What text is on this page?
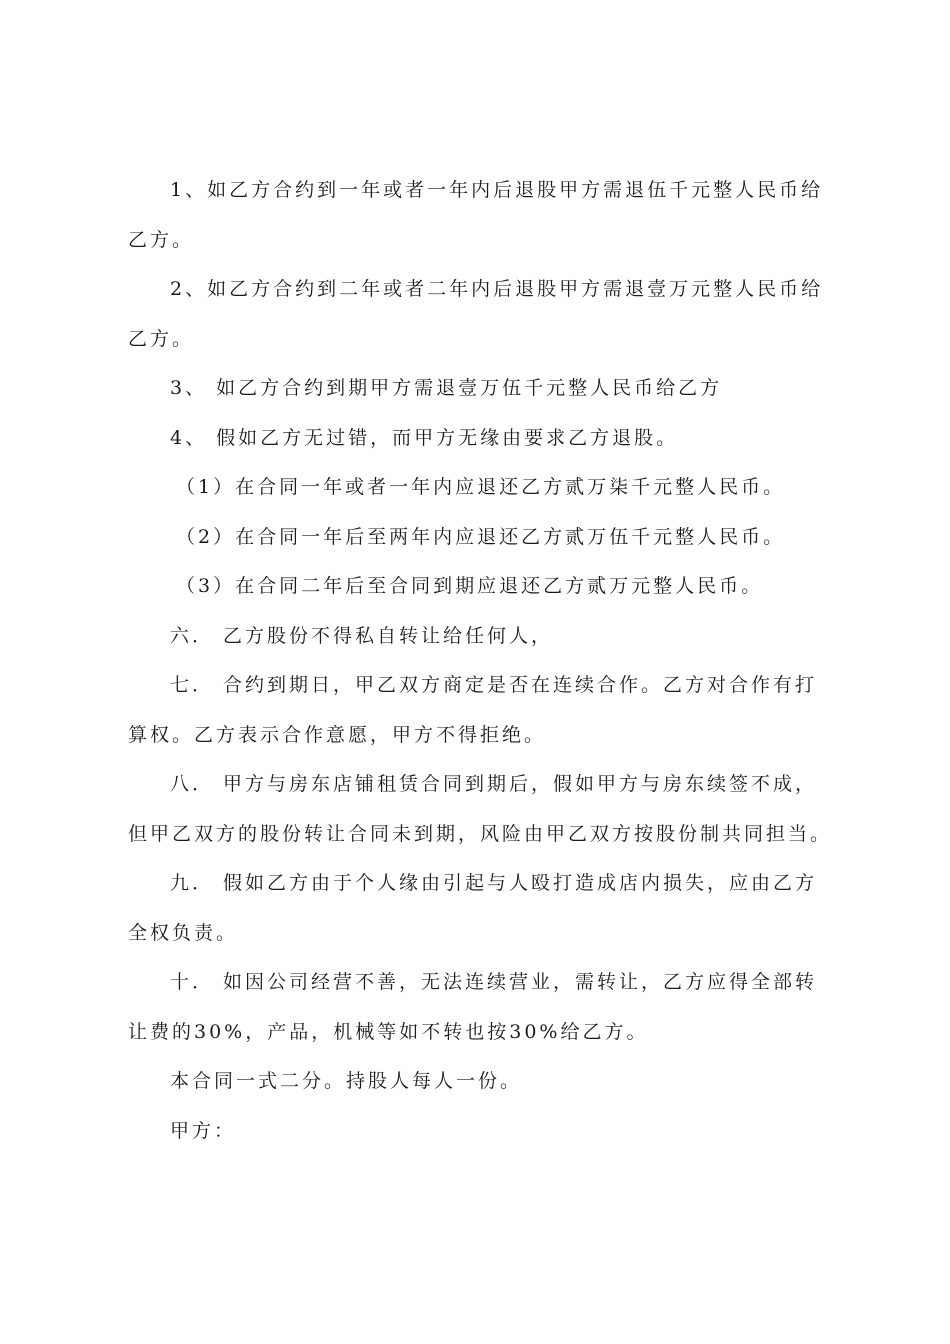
1、如乙方合约到一年或者一年内后退股甲方需退伍千元整人民币给乙方。

2、如乙方合约到二年或者二年内后退股甲方需退壹万元整人民币给乙方。

3、 如乙方合约到期甲方需退壹万伍千元整人民币给乙方

4、 假如乙方无过错，而甲方无缘由要求乙方退股。

（1）在合同一年或者一年内应退还乙方贰万柒千元整人民币。

（2）在合同一年后至两年内应退还乙方贰万伍千元整人民币。

（3）在合同二年后至合同到期应退还乙方贰万元整人民币。

六． 乙方股份不得私自转让给任何人，

七． 合约到期日，甲乙双方商定是否在连续合作。乙方对合作有打算权。乙方表示合作意愿，甲方不得拒绝。

八． 甲方与房东店铺租赁合同到期后，假如甲方与房东续签不成，但甲乙双方的股份转让合同未到期，风险由甲乙双方按股份制共同担当。

九． 假如乙方由于个人缘由引起与人殴打造成店内损失，应由乙方全权负责。

十． 如因公司经营不善，无法连续营业，需转让，乙方应得全部转让费的30%，产品，机械等如不转也按30%给乙方。

本合同一式二分。持股人每人一份。

甲方：
